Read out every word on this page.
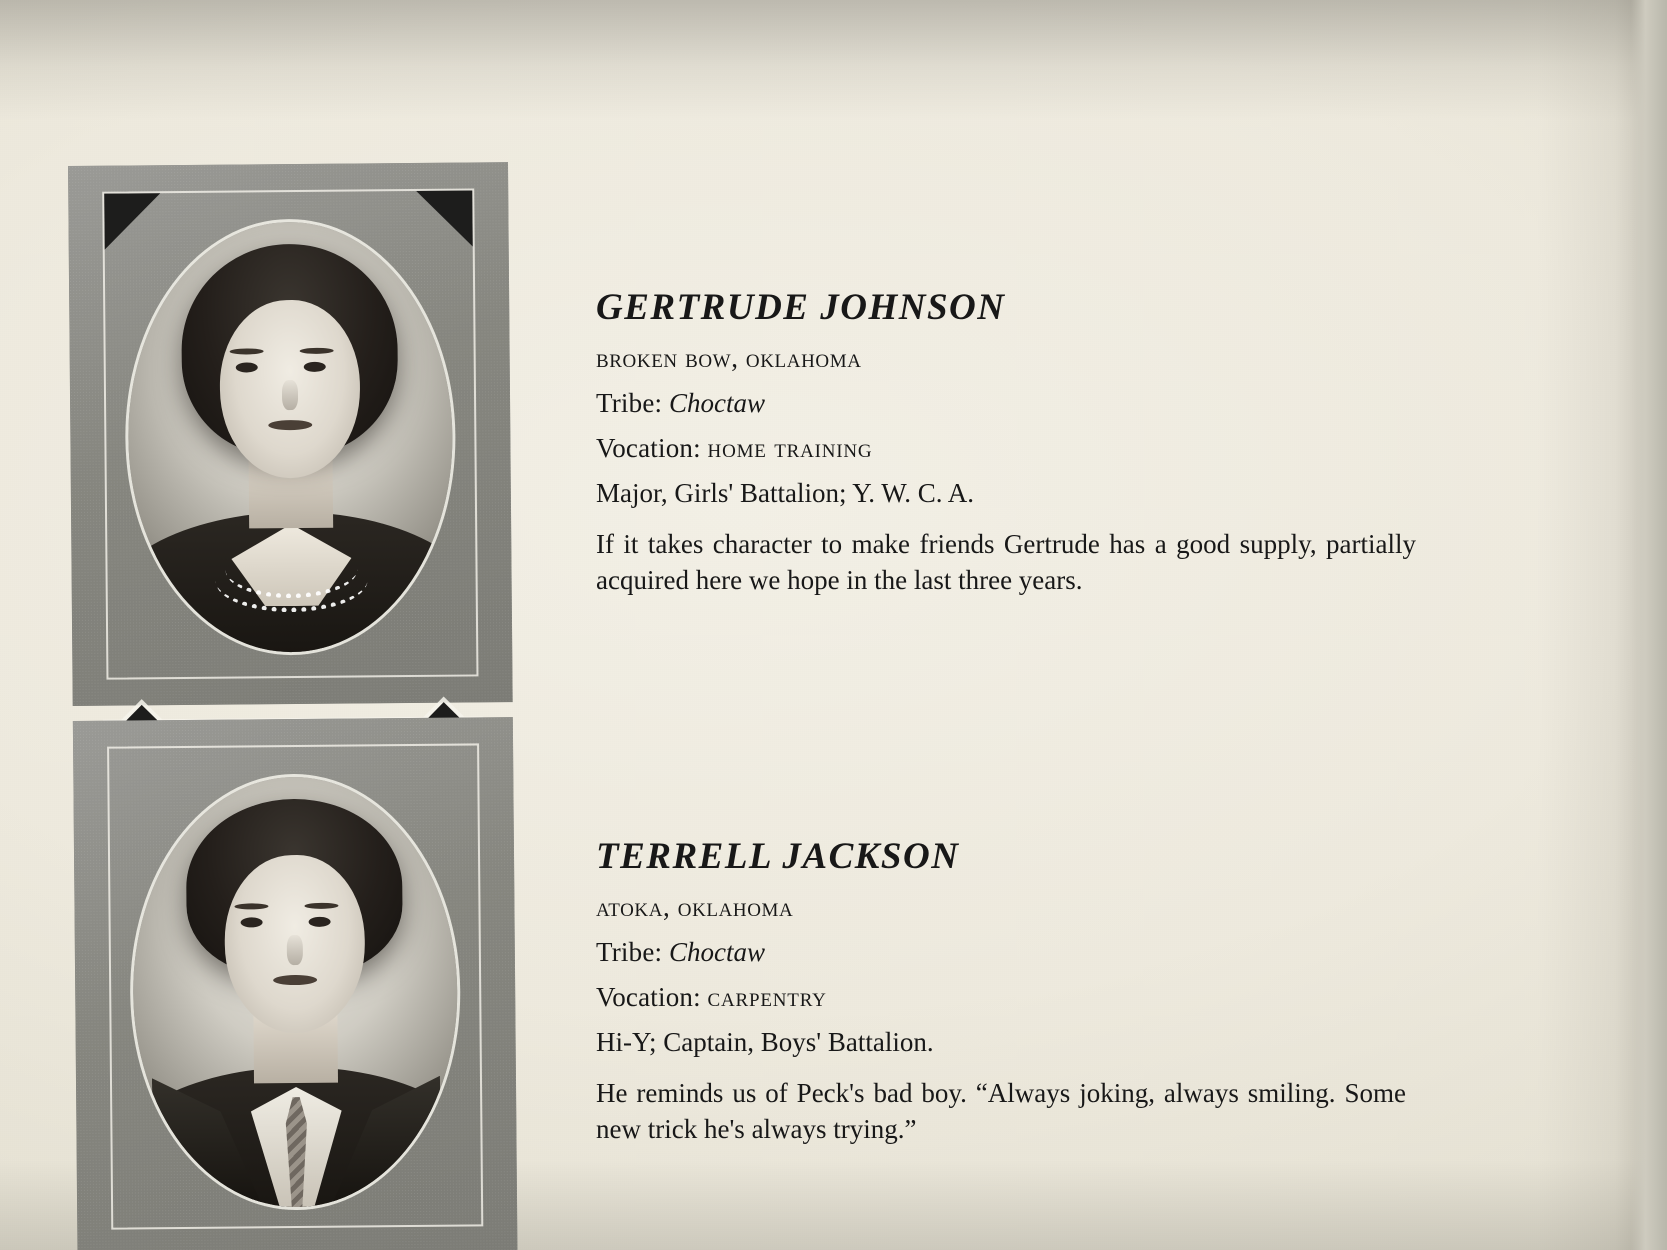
GERTRUDE JOHNSON
broken bow, oklahoma
Tribe: Choctaw
Vocation: home training
Major, Girls' Battalion; Y. W. C. A.

If it takes character to make friends Gertrude has a good supply, partially acquired here we hope in the last three years.

TERRELL JACKSON
atoka, oklahoma
Tribe: Choctaw
Vocation: carpentry
Hi-Y; Captain, Boys' Battalion.

He reminds us of Peck's bad boy. “Always joking, always smiling. Some new trick he's always trying.”
